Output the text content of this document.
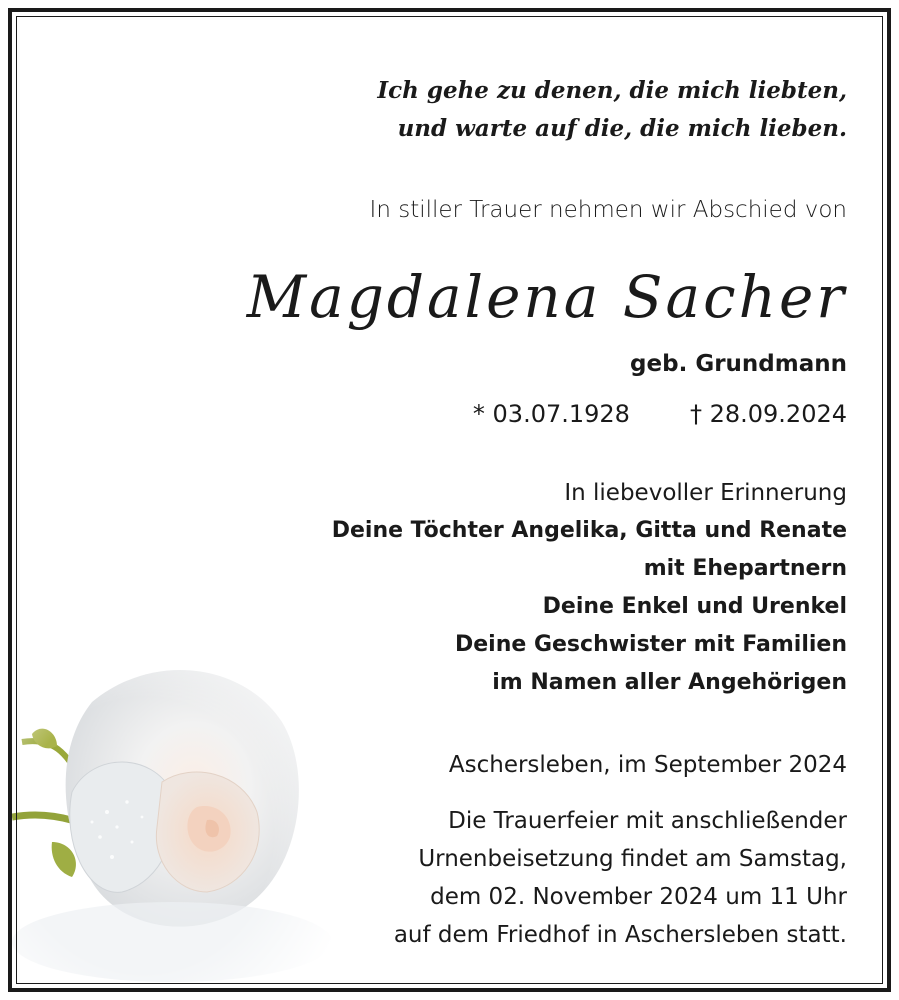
Ich gehe zu denen, die mich liebten,
und warte auf die, die mich lieben.
In stiller Trauer nehmen wir Abschied von
Magdalena Sacher
geb. Grundmann
* 03.07.1928	† 28.09.2024
In liebevoller Erinnerung
Deine Töchter Angelika, Gitta und Renate
mit Ehepartnern
Deine Enkel und Urenkel
Deine Geschwister mit Familien
im Namen aller Angehörigen
Aschersleben, im September 2024
Die Trauerfeier mit anschließender
Urnenbeisetzung findet am Samstag,
dem 02. November 2024 um 11 Uhr
auf dem Friedhof in Aschersleben statt.
